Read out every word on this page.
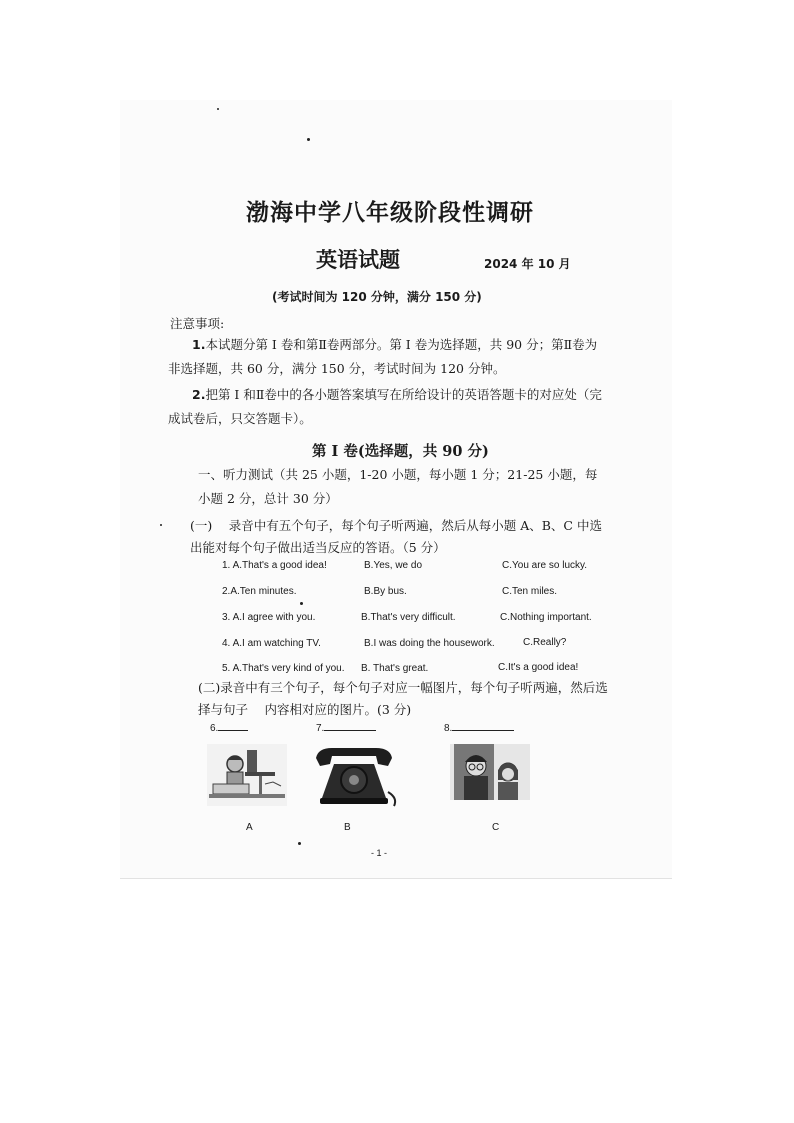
渤海中学八年级阶段性调研
英语试题	2024 年 10 月
(考试时间为 120 分钟，满分 150 分)
注意事项:
1.本试题分第 I 卷和第Ⅱ卷两部分。第 I 卷为选择题，共 90 分；第Ⅱ卷为非选择题，共 60 分，满分 150 分，考试时间为 120 分钟。
2.把第 I 和Ⅱ卷中的各小题答案填写在所给设计的英语答题卡的对应处（完成试卷后，只交答题卡）。
第 I 卷(选择题，共 90 分)
一、听力测试（共 25 小题，1-20 小题，每小题 1 分；21-25 小题，每小题 2 分，总计 30 分）
(一)　 录音中有五个句子，每个句子听两遍，然后从每小题 A、B、C 中选出能对每个句子做出适当反应的答语。（5 分）
1. A.That's a good idea!	B.Yes, we do	C.You are so lucky.
2.A.Ten minutes.	B.By bus.	C.Ten miles.
3. A.I agree with you.	B.That's very difficult.	C.Nothing important.
4. A.I am watching TV.	B.I was doing the housework.	C.Really?
5. A.That's very kind of you. B. That's great.	C.It's a good idea!
(二)录音中有三个句子，每个句子对应一幅图片，每个句子听两遍，然后选择与句子　 内容相对应的图片。(3 分)
6.	7.	8.
A	B	C
- 1 -
